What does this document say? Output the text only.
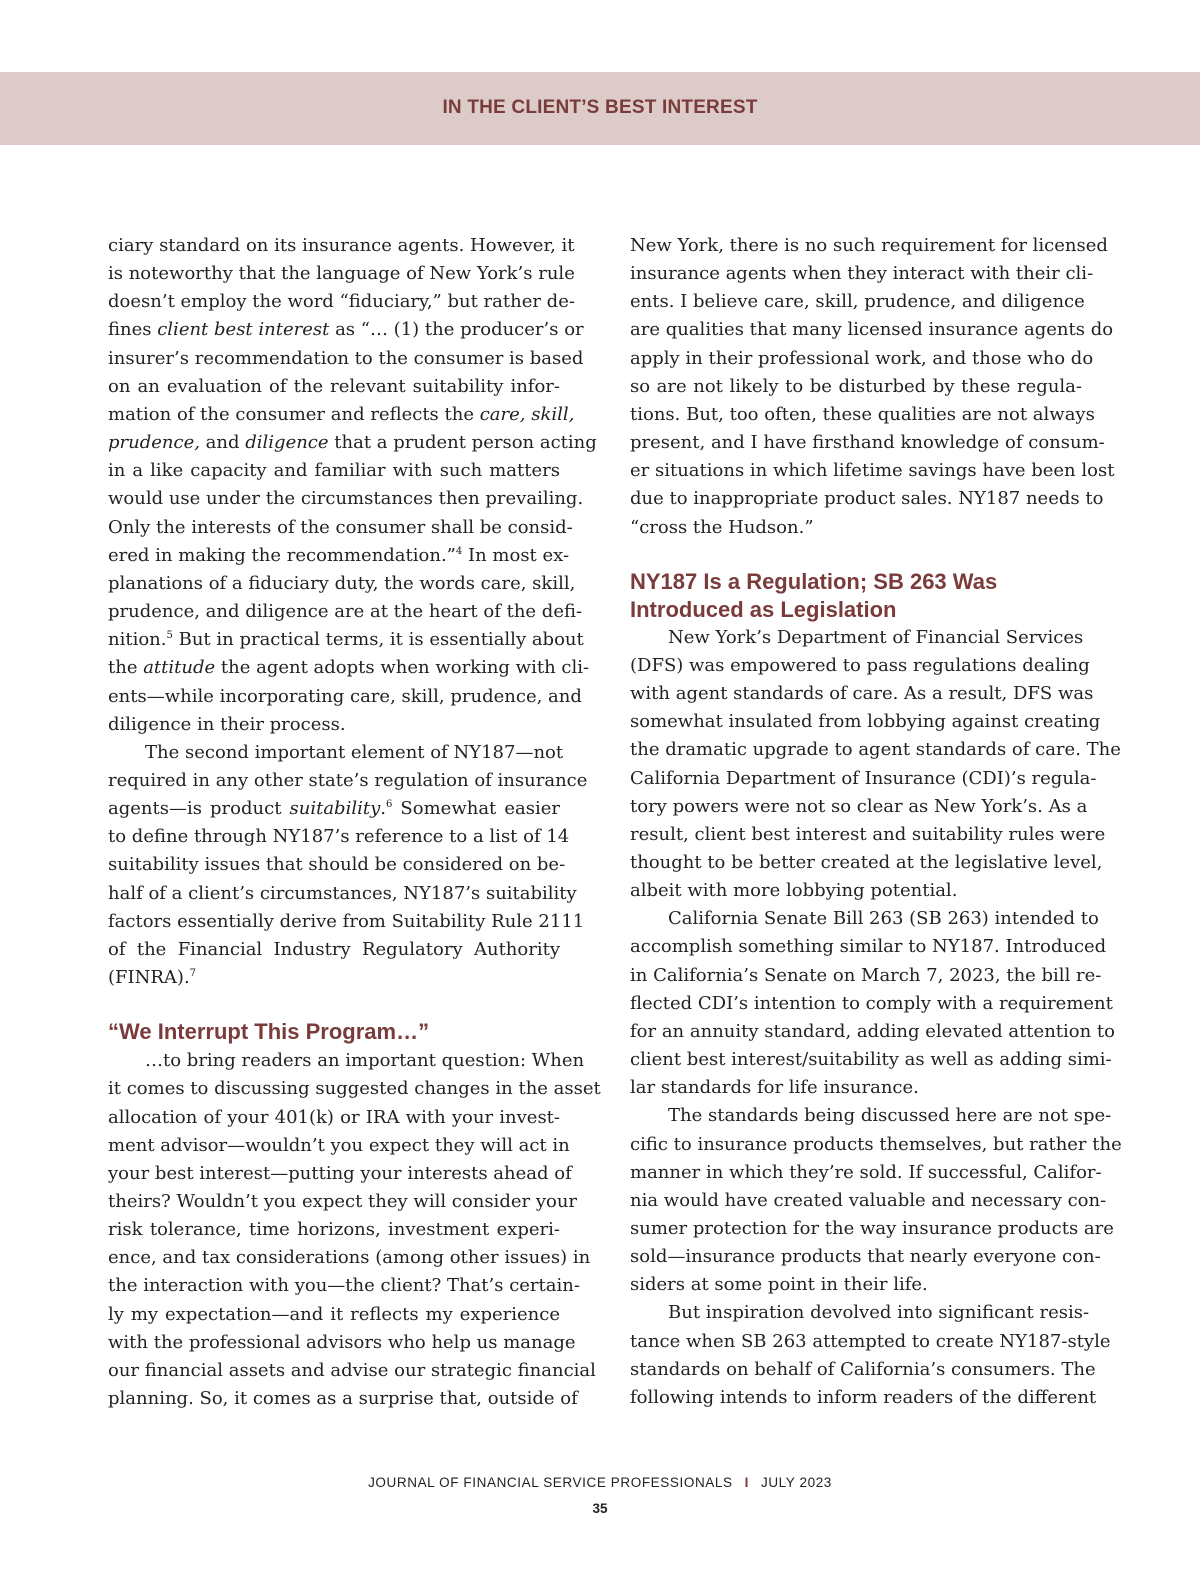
IN THE CLIENT’S BEST INTEREST
ciary standard on its insurance agents. However, it
is noteworthy that the language of New York’s rule
doesn’t employ the word “fiduciary,” but rather de-
fines client best interest as “… (1) the producer’s or
insurer’s recommendation to the consumer is based
on an evaluation of the relevant suitability infor-
mation of the consumer and reflects the care, skill,
prudence, and diligence that a prudent person acting
in a like capacity and familiar with such matters
would use under the circumstances then prevailing.
Only the interests of the consumer shall be consid-
ered in making the recommendation.”$^4$ In most ex-
planations of a fiduciary duty, the words care, skill,
prudence, and diligence are at the heart of the defi-
nition.$^5$ But in practical terms, it is essentially about
the attitude the agent adopts when working with cli-
ents—while incorporating care, skill, prudence, and
diligence in their process.
The second important element of NY187—not
required in any other state’s regulation of insurance
agents—is product suitability.$^6$ Somewhat easier
to define through NY187’s reference to a list of 14
suitability issues that should be considered on be-
half of a client’s circumstances, NY187’s suitability
factors essentially derive from Suitability Rule 2111
of the Financial Industry Regulatory Authority
(FINRA).$^7$
“We Interrupt This Program…”
…to bring readers an important question: When
it comes to discussing suggested changes in the asset
allocation of your 401(k) or IRA with your invest-
ment advisor—wouldn’t you expect they will act in
your best interest—putting your interests ahead of
theirs? Wouldn’t you expect they will consider your
risk tolerance, time horizons, investment experi-
ence, and tax considerations (among other issues) in
the interaction with you—the client? That’s certain-
ly my expectation—and it reflects my experience
with the professional advisors who help us manage
our financial assets and advise our strategic financial
planning. So, it comes as a surprise that, outside of
New York, there is no such requirement for licensed
insurance agents when they interact with their cli-
ents. I believe care, skill, prudence, and diligence
are qualities that many licensed insurance agents do
apply in their professional work, and those who do
so are not likely to be disturbed by these regula-
tions. But, too often, these qualities are not always
present, and I have firsthand knowledge of consum-
er situations in which lifetime savings have been lost
due to inappropriate product sales. NY187 needs to
“cross the Hudson.”
NY187 Is a Regulation; SB 263 Was
Introduced as Legislation
New York’s Department of Financial Services
(DFS) was empowered to pass regulations dealing
with agent standards of care. As a result, DFS was
somewhat insulated from lobbying against creating
the dramatic upgrade to agent standards of care. The
California Department of Insurance (CDI)’s regula-
tory powers were not so clear as New York’s. As a
result, client best interest and suitability rules were
thought to be better created at the legislative level,
albeit with more lobbying potential.
California Senate Bill 263 (SB 263) intended to
accomplish something similar to NY187. Introduced
in California’s Senate on March 7, 2023, the bill re-
flected CDI’s intention to comply with a requirement
for an annuity standard, adding elevated attention to
client best interest/suitability as well as adding simi-
lar standards for life insurance.
The standards being discussed here are not spe-
cific to insurance products themselves, but rather the
manner in which they’re sold. If successful, Califor-
nia would have created valuable and necessary con-
sumer protection for the way insurance products are
sold—insurance products that nearly everyone con-
siders at some point in their life.
But inspiration devolved into significant resis-
tance when SB 263 attempted to create NY187-style
standards on behalf of California’s consumers. The
following intends to inform readers of the different
JOURNAL OF FINANCIAL SERVICE PROFESSIONALS I JULY 2023
35
